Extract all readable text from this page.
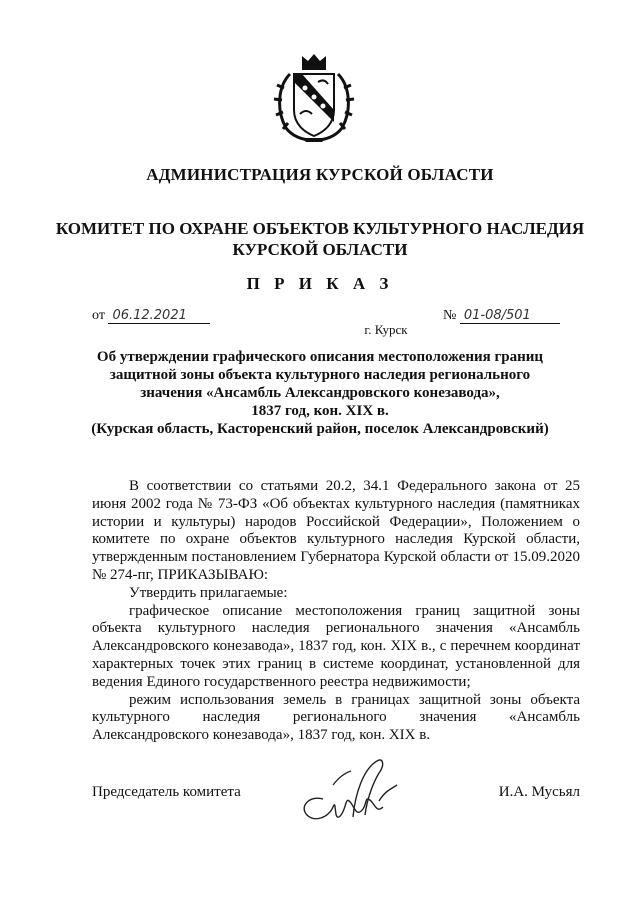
АДМИНИСТРАЦИЯ КУРСКОЙ ОБЛАСТИ
КОМИТЕТ ПО ОХРАНЕ ОБЪЕКТОВ КУЛЬТУРНОГО НАСЛЕДИЯ
КУРСКОЙ ОБЛАСТИ
П Р И К А З
от 06.12.2021	№ 01-08/501
г. Курск
Об утверждении графического описания местоположения границ
защитной зоны объекта культурного наследия регионального
значения «Ансамбль Александровского конезавода»,
1837 год, кон. XIX в.
(Курская область, Касторенский район, поселок Александровский)

В соответствии со статьями 20.2, 34.1 Федерального закона от 25 июня 2002 года № 73-ФЗ «Об объектах культурного наследия (памятниках истории и культуры) народов Российской Федерации», Положением о комитете по охране объектов культурного наследия Курской области, утвержденным постановлением Губернатора Курской области от 15.09.2020 № 274-пг, ПРИКАЗЫВАЮ:

Утвердить прилагаемые:

графическое описание местоположения границ защитной зоны объекта культурного наследия регионального значения «Ансамбль Александровского конезавода», 1837 год, кон. XIX в., с перечнем координат характерных точек этих границ в системе координат, установленной для ведения Единого государственного реестра недвижимости;

режим использования земель в границах защитной зоны объекта культурного наследия регионального значения «Ансамбль Александровского конезавода», 1837 год, кон. XIX в.

Председатель комитета	И.А. Мусьял
